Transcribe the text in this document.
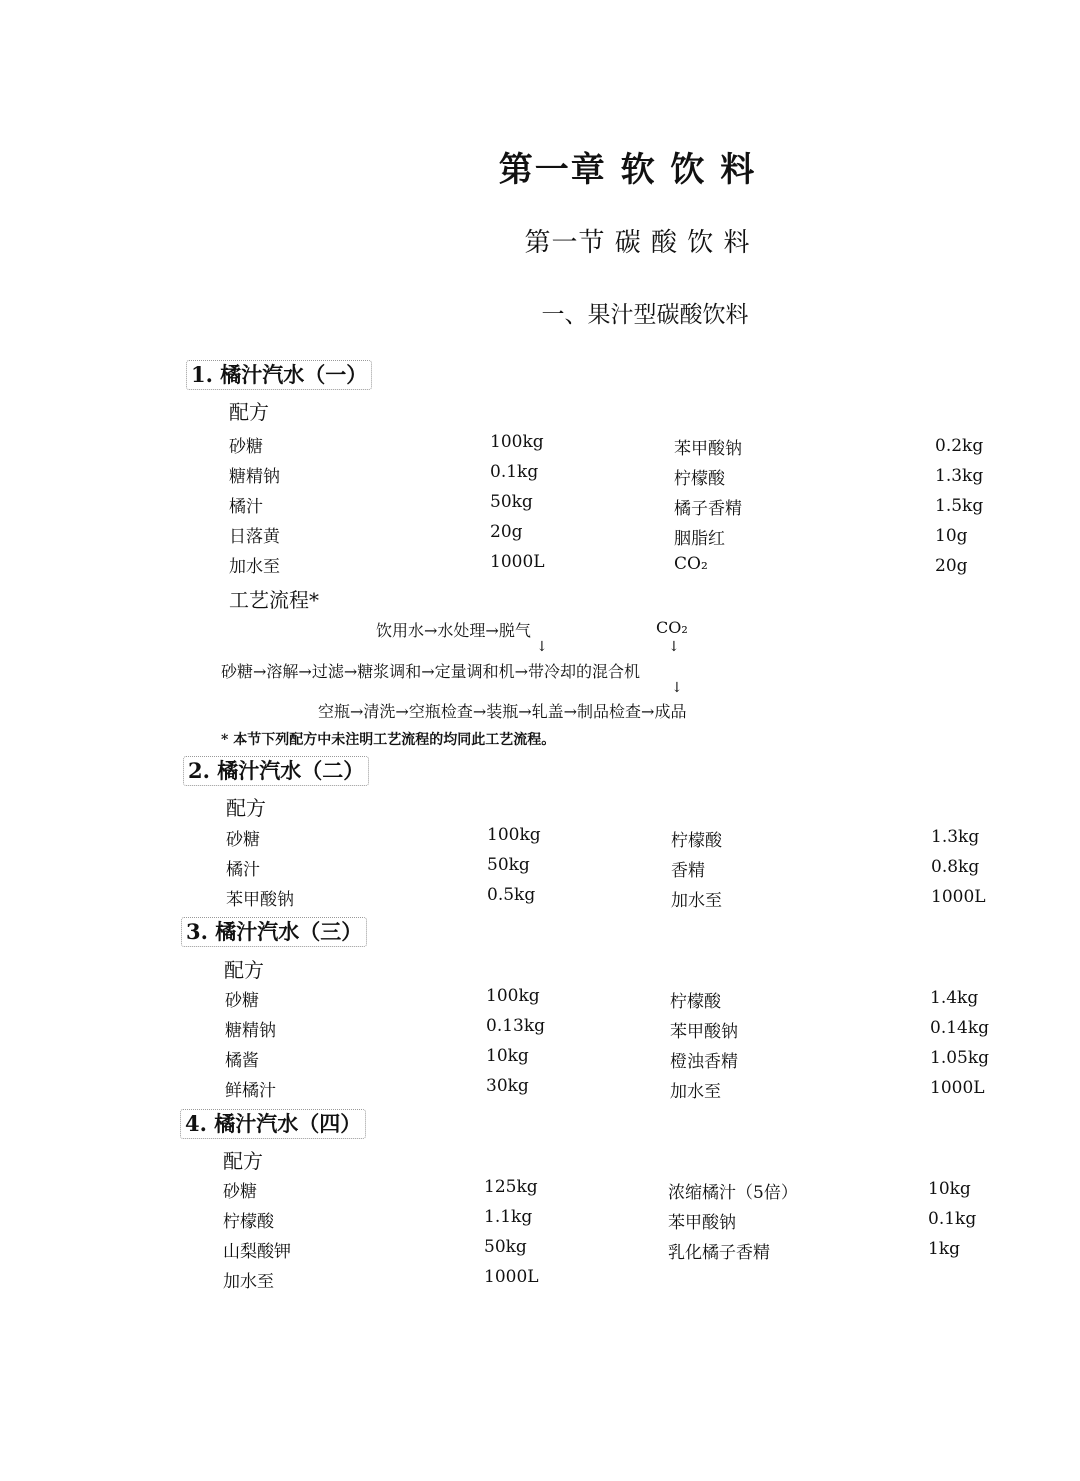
第一章 软 饮 料
第一节 碳 酸 饮 料
一、果汁型碳酸饮料
1. 橘汁汽水（一）
配方
砂糖	100kg	苯甲酸钠	0.2kg
糖精钠	0.1kg	柠檬酸	1.3kg
橘汁	50kg	橘子香精	1.5kg
日落黄	20g	胭脂红	10g
加水至	1000L	CO₂	20g
工艺流程*
饮用水→水处理→脱气	CO₂
↓	↓
砂糖→溶解→过滤→糖浆调和→定量调和机→带冷却的混合机
↓
空瓶→清洗→空瓶检查→装瓶→轧盖→制品检查→成品
* 本节下列配方中未注明工艺流程的均同此工艺流程。
2. 橘汁汽水（二）
配方
砂糖	100kg	柠檬酸	1.3kg
橘汁	50kg	香精	0.8kg
苯甲酸钠	0.5kg	加水至	1000L
3. 橘汁汽水（三）
配方
砂糖	100kg	柠檬酸	1.4kg
糖精钠	0.13kg	苯甲酸钠	0.14kg
橘酱	10kg	橙浊香精	1.05kg
鲜橘汁	30kg	加水至	1000L
4. 橘汁汽水（四）
配方
砂糖	125kg	浓缩橘汁（5倍）	10kg
柠檬酸	1.1kg	苯甲酸钠	0.1kg
山梨酸钾	50kg	乳化橘子香精	1kg
加水至	1000L
